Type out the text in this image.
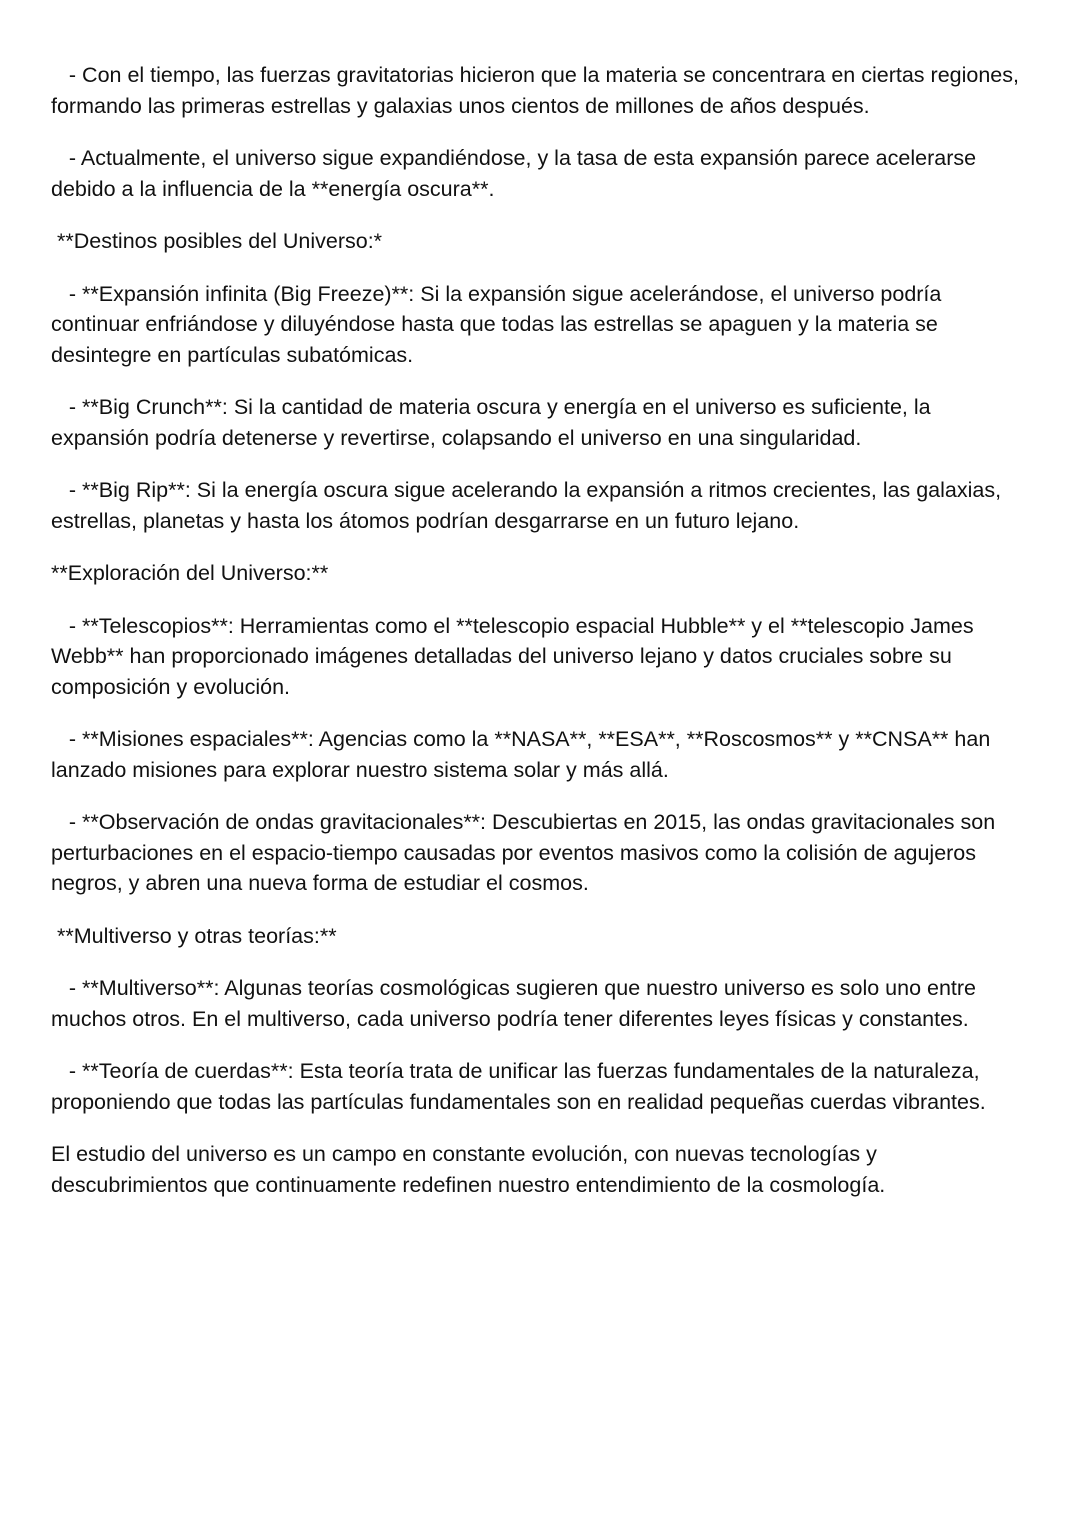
- Con el tiempo, las fuerzas gravitatorias hicieron que la materia se concentrara en ciertas regiones, formando las primeras estrellas y galaxias unos cientos de millones de años después.

- Actualmente, el universo sigue expandiéndose, y la tasa de esta expansión parece acelerarse debido a la influencia de la **energía oscura**.

**Destinos posibles del Universo:*

- **Expansión infinita (Big Freeze)**: Si la expansión sigue acelerándose, el universo podría continuar enfriándose y diluyéndose hasta que todas las estrellas se apaguen y la materia se desintegre en partículas subatómicas.

- **Big Crunch**: Si la cantidad de materia oscura y energía en el universo es suficiente, la expansión podría detenerse y revertirse, colapsando el universo en una singularidad.

- **Big Rip**: Si la energía oscura sigue acelerando la expansión a ritmos crecientes, las galaxias, estrellas, planetas y hasta los átomos podrían desgarrarse en un futuro lejano.

**Exploración del Universo:**

- **Telescopios**: Herramientas como el **telescopio espacial Hubble** y el **telescopio James Webb** han proporcionado imágenes detalladas del universo lejano y datos cruciales sobre su composición y evolución.

- **Misiones espaciales**: Agencias como la **NASA**, **ESA**, **Roscosmos** y **CNSA** han lanzado misiones para explorar nuestro sistema solar y más allá.

- **Observación de ondas gravitacionales**: Descubiertas en 2015, las ondas gravitacionales son perturbaciones en el espacio-tiempo causadas por eventos masivos como la colisión de agujeros negros, y abren una nueva forma de estudiar el cosmos.

**Multiverso y otras teorías:**

- **Multiverso**: Algunas teorías cosmológicas sugieren que nuestro universo es solo uno entre muchos otros. En el multiverso, cada universo podría tener diferentes leyes físicas y constantes.

- **Teoría de cuerdas**: Esta teoría trata de unificar las fuerzas fundamentales de la naturaleza, proponiendo que todas las partículas fundamentales son en realidad pequeñas cuerdas vibrantes.

El estudio del universo es un campo en constante evolución, con nuevas tecnologías y descubrimientos que continuamente redefinen nuestro entendimiento de la cosmología.
